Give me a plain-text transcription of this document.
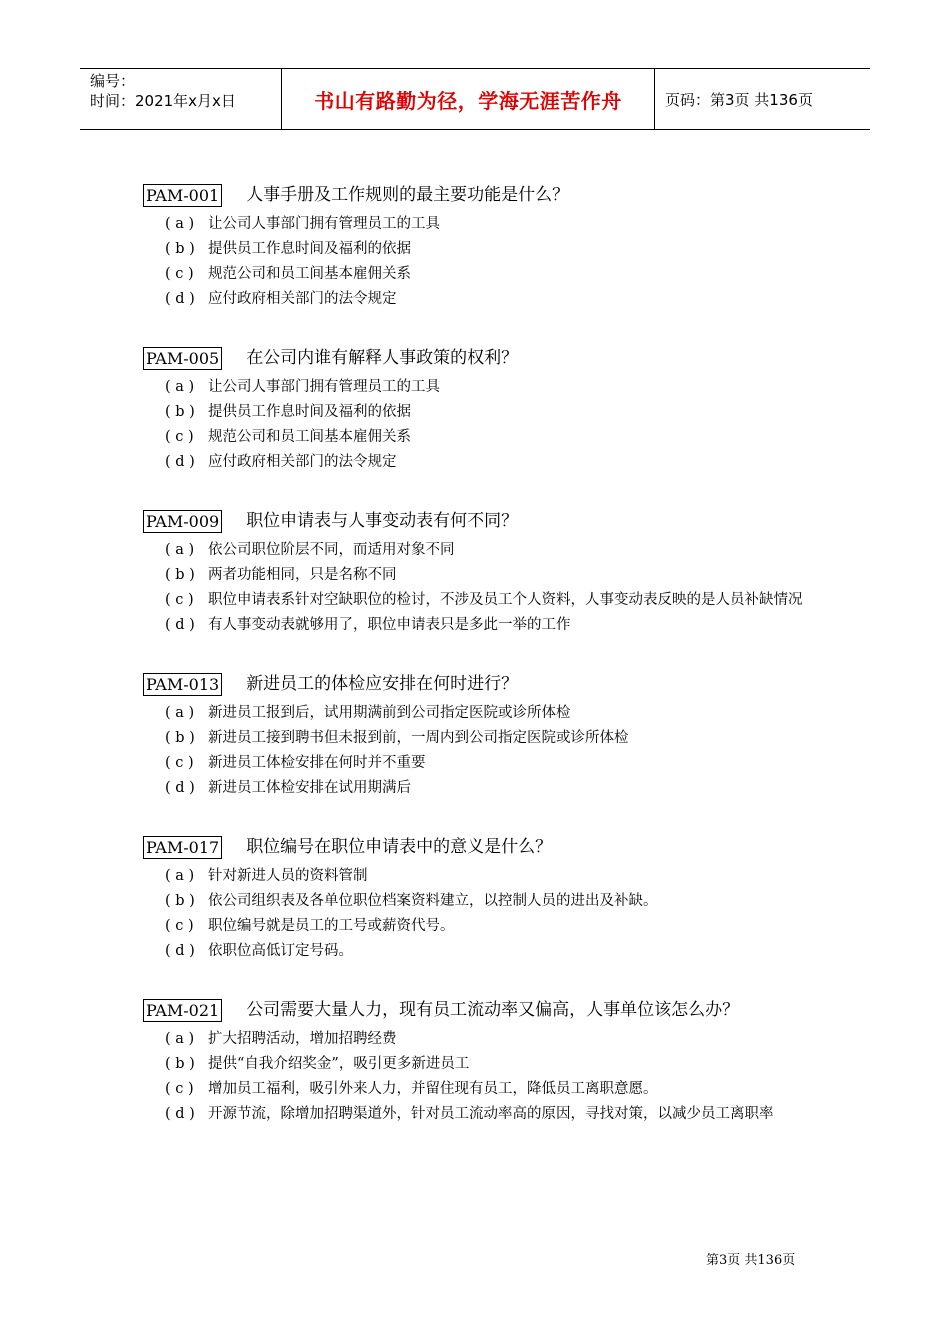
编号：
时间：2021年x月x日	书山有路勤为径，学海无涯苦作舟	页码：第3页 共136页
PAM-001 人事手册及工作规则的最主要功能是什么？
( a ) 让公司人事部门拥有管理员工的工具
( b ) 提供员工作息时间及福利的依据
( c ) 规范公司和员工间基本雇佣关系
( d ) 应付政府相关部门的法令规定
PAM-005 在公司内谁有解释人事政策的权利？
( a ) 让公司人事部门拥有管理员工的工具
( b ) 提供员工作息时间及福利的依据
( c ) 规范公司和员工间基本雇佣关系
( d ) 应付政府相关部门的法令规定
PAM-009 职位申请表与人事变动表有何不同？
( a ) 依公司职位阶层不同，而适用对象不同
( b ) 两者功能相同，只是名称不同
( c ) 职位申请表系针对空缺职位的检讨，不涉及员工个人资料，人事变动表反映的是人员补缺情况
( d ) 有人事变动表就够用了，职位申请表只是多此一举的工作
PAM-013 新进员工的体检应安排在何时进行？
( a ) 新进员工报到后，试用期满前到公司指定医院或诊所体检
( b ) 新进员工接到聘书但未报到前，一周内到公司指定医院或诊所体检
( c ) 新进员工体检安排在何时并不重要
( d ) 新进员工体检安排在试用期满后
PAM-017 职位编号在职位申请表中的意义是什么？
( a ) 针对新进人员的资料管制
( b ) 依公司组织表及各单位职位档案资料建立，以控制人员的进出及补缺。
( c ) 职位编号就是员工的工号或薪资代号。
( d ) 依职位高低订定号码。
PAM-021 公司需要大量人力，现有员工流动率又偏高，人事单位该怎么办？
( a ) 扩大招聘活动，增加招聘经费
( b ) 提供“自我介绍奖金”，吸引更多新进员工
( c ) 增加员工福利，吸引外来人力，并留住现有员工，降低员工离职意愿。
( d ) 开源节流，除增加招聘渠道外，针对员工流动率高的原因，寻找对策，以减少员工离职率
第3页 共136页
